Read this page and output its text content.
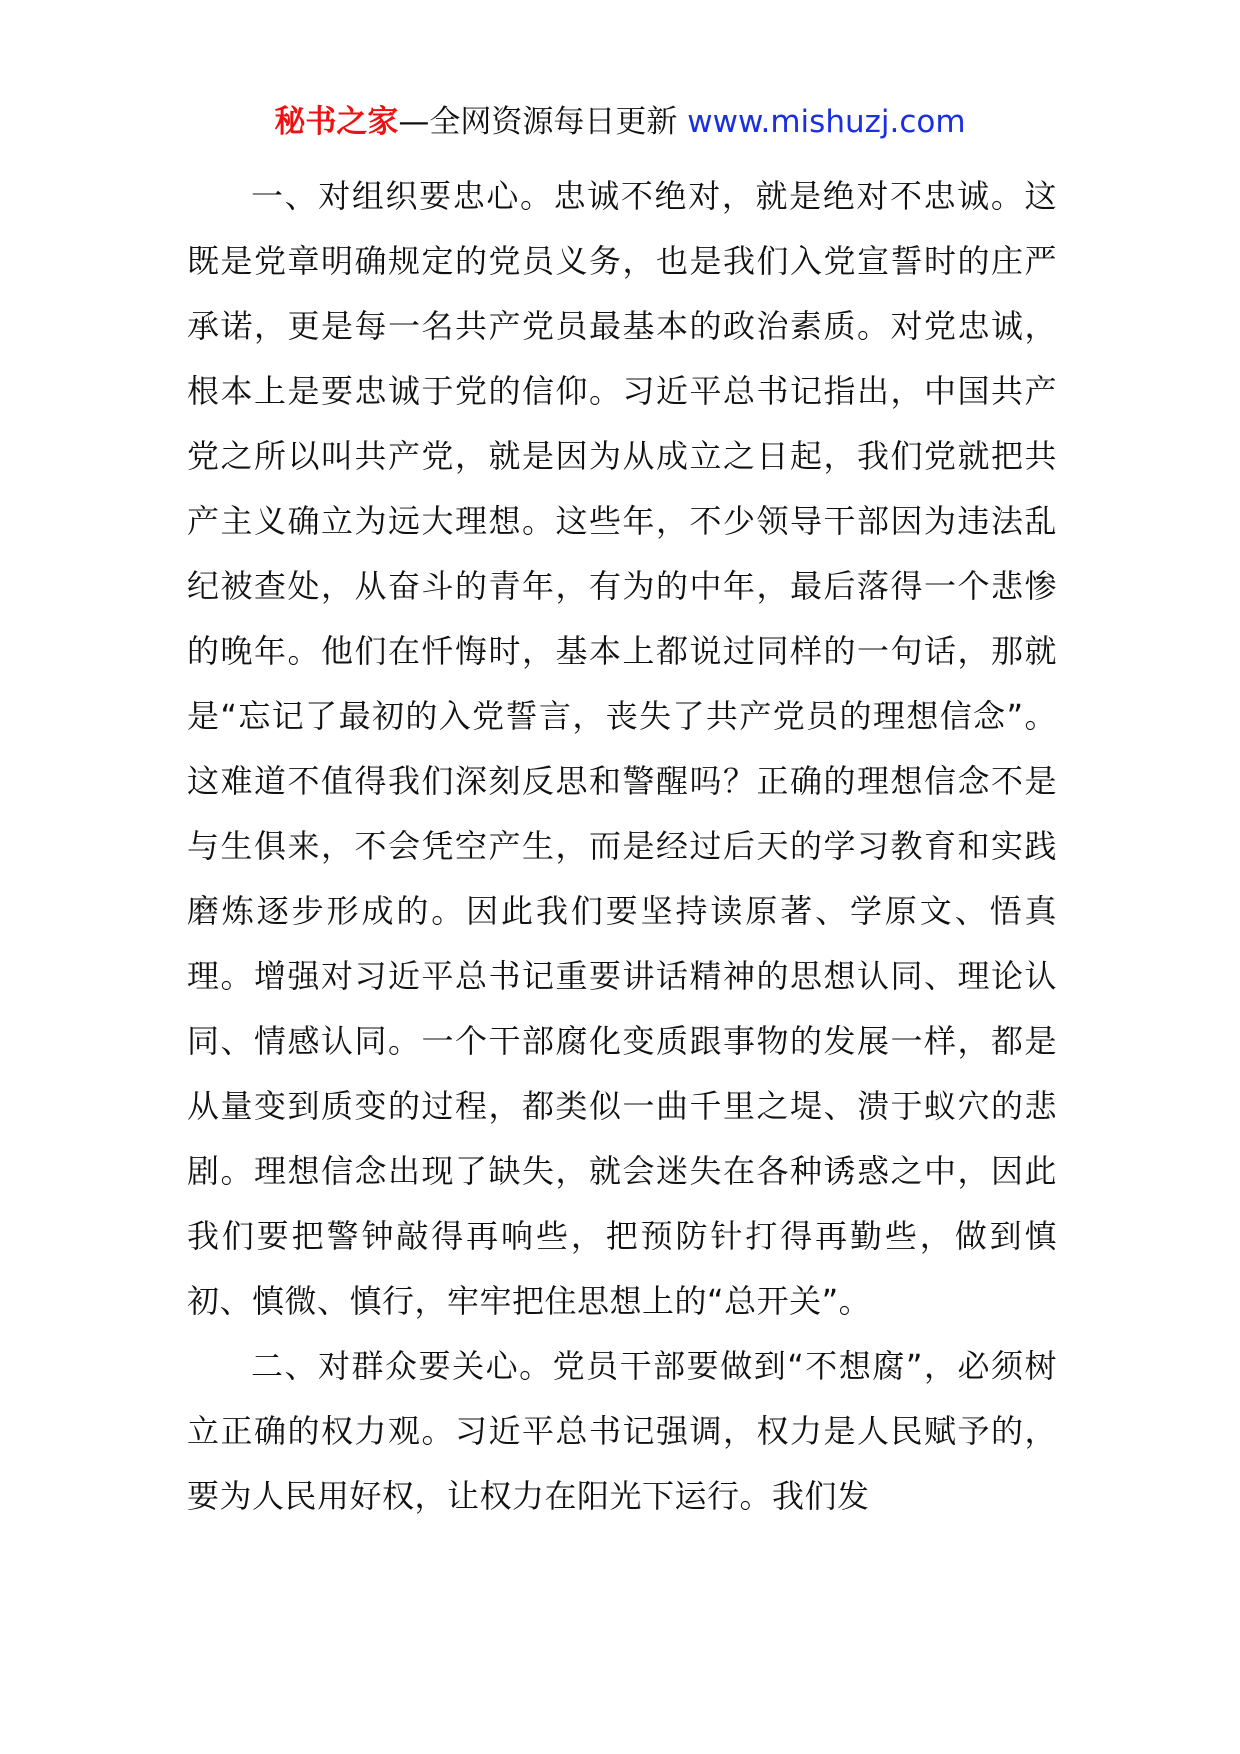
秘书之家—全网资源每日更新 www.mishuzj.com

一、对组织要忠心。忠诚不绝对，就是绝对不忠诚。这既是党章明确规定的党员义务，也是我们入党宣誓时的庄严承诺，更是每一名共产党员最基本的政治素质。对党忠诚，根本上是要忠诚于党的信仰。习近平总书记指出，中国共产党之所以叫共产党，就是因为从成立之日起，我们党就把共产主义确立为远大理想。这些年，不少领导干部因为违法乱纪被查处，从奋斗的青年，有为的中年，最后落得一个悲惨的晚年。他们在忏悔时，基本上都说过同样的一句话，那就是“忘记了最初的入党誓言，丧失了共产党员的理想信念”。这难道不值得我们深刻反思和警醒吗？正确的理想信念不是与生俱来，不会凭空产生，而是经过后天的学习教育和实践磨炼逐步形成的。因此我们要坚持读原著、学原文、悟真理。增强对习近平总书记重要讲话精神的思想认同、理论认同、情感认同。一个干部腐化变质跟事物的发展一样，都是从量变到质变的过程，都类似一曲千里之堤、溃于蚁穴的悲剧。理想信念出现了缺失，就会迷失在各种诱惑之中，因此我们要把警钟敲得再响些，把预防针打得再勤些，做到慎初、慎微、慎行，牢牢把住思想上的“总开关”。

二、对群众要关心。党员干部要做到“不想腐”，必须树立正确的权力观。习近平总书记强调，权力是人民赋予的，要为人民用好权，让权力在阳光下运行。我们发
